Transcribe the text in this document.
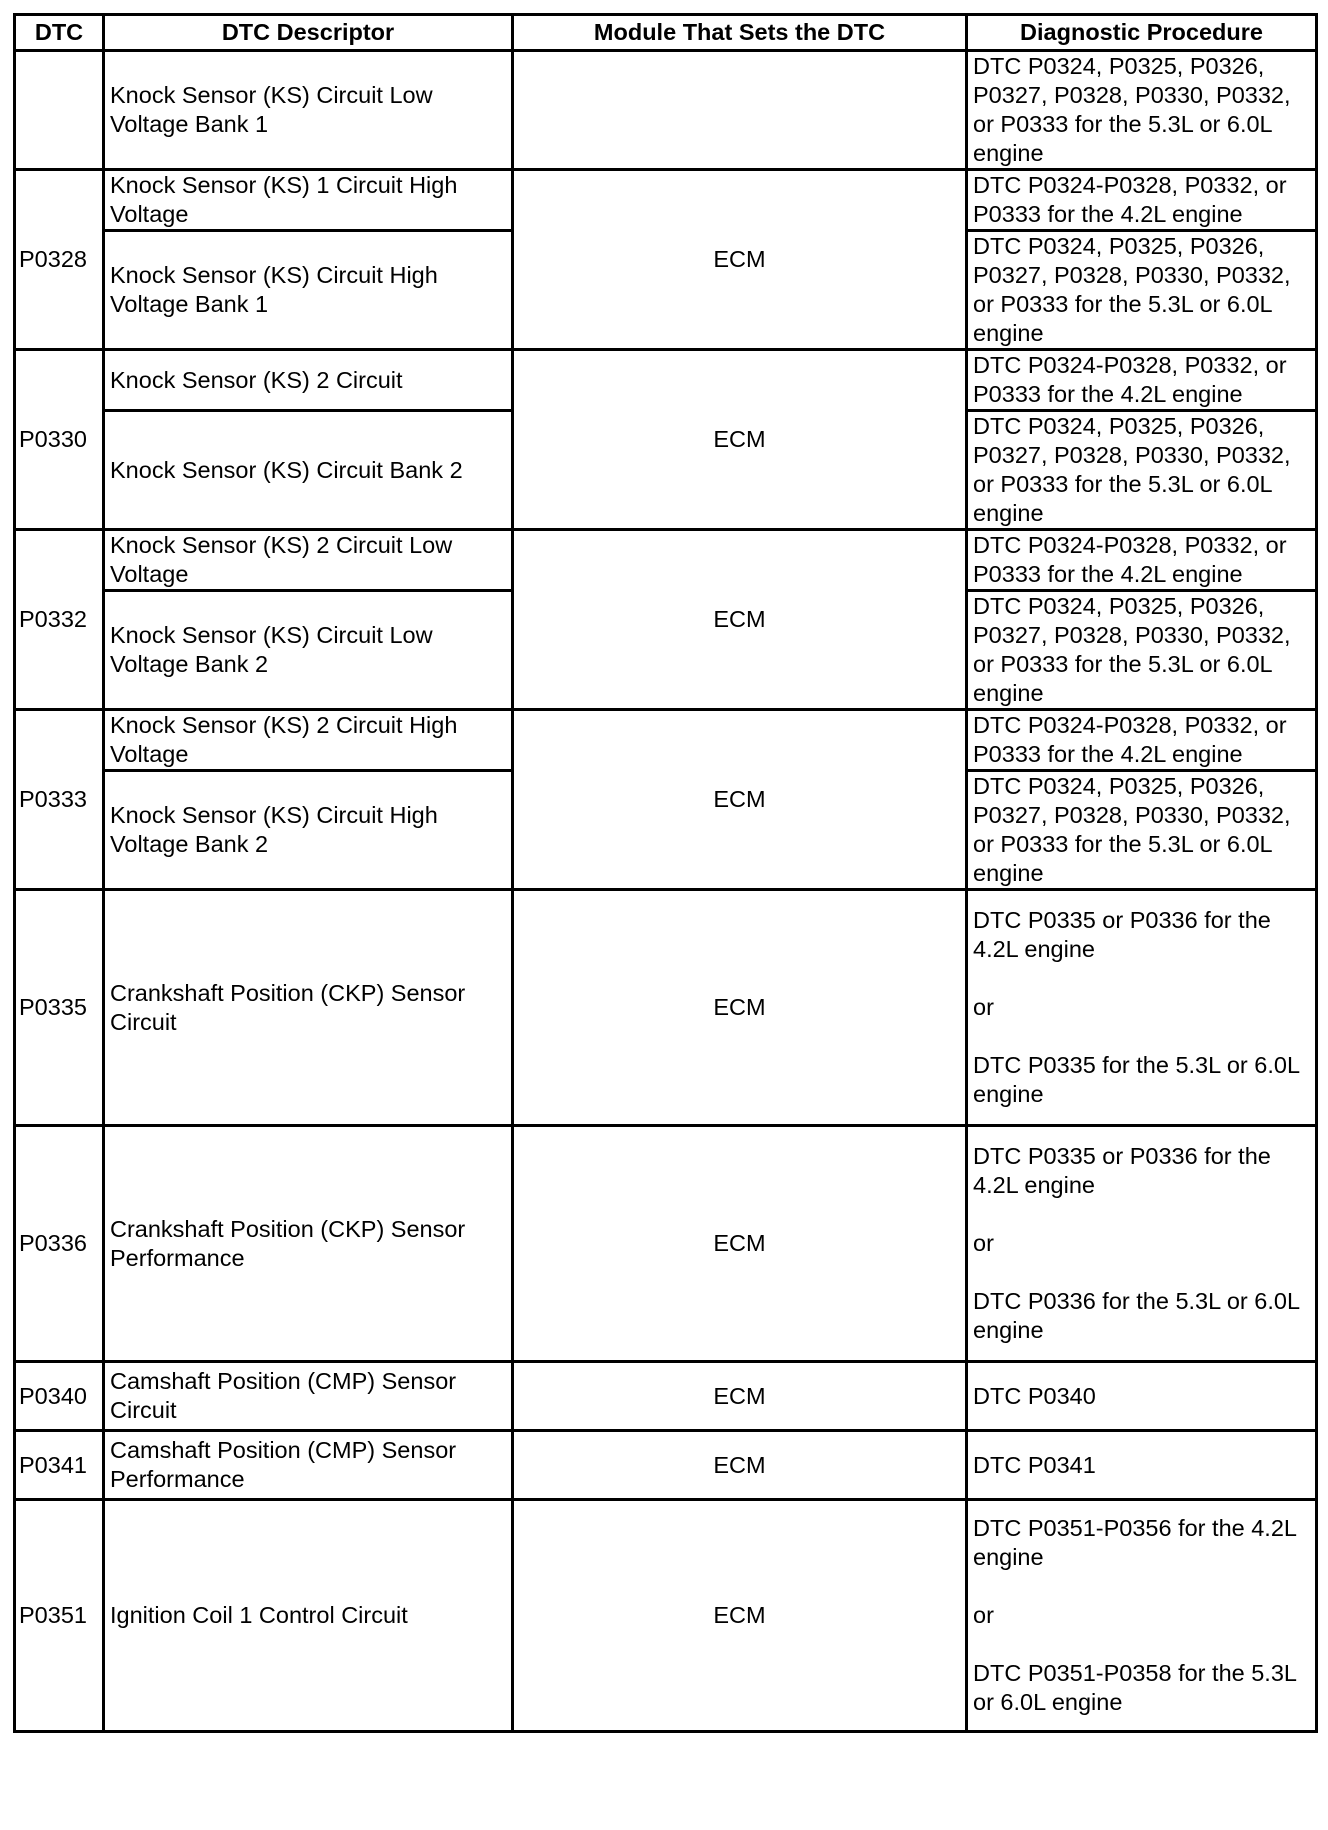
DTC	DTC Descriptor	Module That Sets the DTC	Diagnostic Procedure
	Knock Sensor (KS) Circuit Low Voltage Bank 1		DTC P0324, P0325, P0326, P0327, P0328, P0330, P0332, or P0333 for the 5.3L or 6.0L engine
P0328	Knock Sensor (KS) 1 Circuit High Voltage	ECM	DTC P0324-P0328, P0332, or P0333 for the 4.2L engine
	Knock Sensor (KS) Circuit High Voltage Bank 1		DTC P0324, P0325, P0326, P0327, P0328, P0330, P0332, or P0333 for the 5.3L or 6.0L engine
P0330	Knock Sensor (KS) 2 Circuit	ECM	DTC P0324-P0328, P0332, or P0333 for the 4.2L engine
	Knock Sensor (KS) Circuit Bank 2		DTC P0324, P0325, P0326, P0327, P0328, P0330, P0332, or P0333 for the 5.3L or 6.0L engine
P0332	Knock Sensor (KS) 2 Circuit Low Voltage	ECM	DTC P0324-P0328, P0332, or P0333 for the 4.2L engine
	Knock Sensor (KS) Circuit Low Voltage Bank 2		DTC P0324, P0325, P0326, P0327, P0328, P0330, P0332, or P0333 for the 5.3L or 6.0L engine
P0333	Knock Sensor (KS) 2 Circuit High Voltage	ECM	DTC P0324-P0328, P0332, or P0333 for the 4.2L engine
	Knock Sensor (KS) Circuit High Voltage Bank 2		DTC P0324, P0325, P0326, P0327, P0328, P0330, P0332, or P0333 for the 5.3L or 6.0L engine
P0335	Crankshaft Position (CKP) Sensor Circuit	ECM	DTC P0335 or P0336 for the 4.2L engine
or
DTC P0335 for the 5.3L or 6.0L engine

P0336	Crankshaft Position (CKP) Sensor Performance	ECM	DTC P0335 or P0336 for the 4.2L engine
or
DTC P0336 for the 5.3L or 6.0L engine

P0340	Camshaft Position (CMP) Sensor Circuit	ECM	DTC P0340
P0341	Camshaft Position (CMP) Sensor Performance	ECM	DTC P0341
P0351	Ignition Coil 1 Control Circuit	ECM	DTC P0351-P0356 for the 4.2L engine
or
DTC P0351-P0358 for the 5.3L or 6.0L engine
